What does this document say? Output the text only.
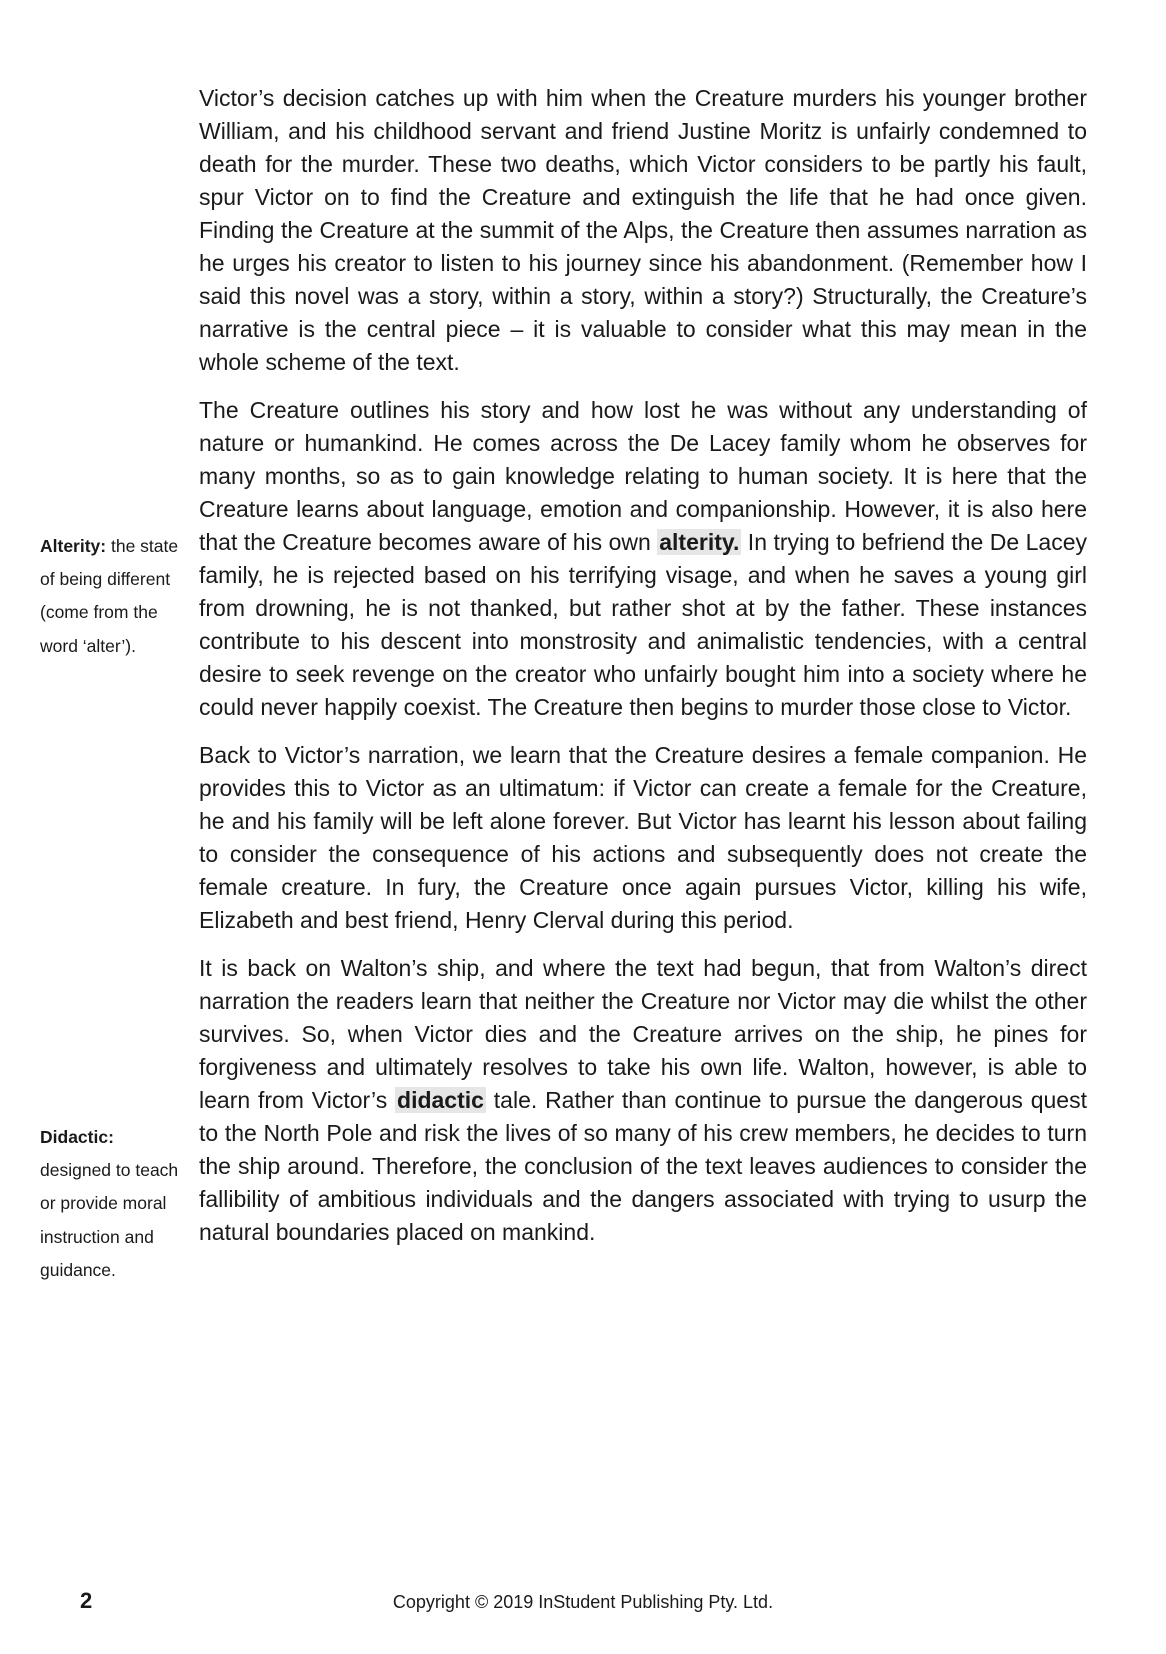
Victor’s decision catches up with him when the Creature murders his younger brother William, and his childhood servant and friend Justine Moritz is unfairly condemned to death for the murder. These two deaths, which Victor considers to be partly his fault, spur Victor on to find the Creature and extinguish the life that he had once given. Finding the Creature at the summit of the Alps, the Creature then assumes narration as he urges his creator to listen to his journey since his abandonment. (Remember how I said this novel was a story, within a story, within a story?) Structurally, the Creature’s narrative is the central piece – it is valuable to consider what this may mean in the whole scheme of the text.

The Creature outlines his story and how lost he was without any understanding of nature or humankind. He comes across the De Lacey family whom he observes for many months, so as to gain knowledge relating to human society. It is here that the Creature learns about language, emotion and companionship. However, it is also here that the Creature becomes aware of his own alterity. In trying to befriend the De Lacey family, he is rejected based on his terrifying visage, and when he saves a young girl from drowning, he is not thanked, but rather shot at by the father. These instances contribute to his descent into monstrosity and animalistic tendencies, with a central desire to seek revenge on the creator who unfairly bought him into a society where he could never happily coexist. The Creature then begins to murder those close to Victor.

Back to Victor’s narration, we learn that the Creature desires a female companion. He provides this to Victor as an ultimatum: if Victor can create a female for the Creature, he and his family will be left alone forever. But Victor has learnt his lesson about failing to consider the consequence of his actions and subsequently does not create the female creature. In fury, the Creature once again pursues Victor, killing his wife, Elizabeth and best friend, Henry Clerval during this period.

It is back on Walton’s ship, and where the text had begun, that from Walton’s direct narration the readers learn that neither the Creature nor Victor may die whilst the other survives. So, when Victor dies and the Creature arrives on the ship, he pines for forgiveness and ultimately resolves to take his own life. Walton, however, is able to learn from Victor’s didactic tale. Rather than continue to pursue the dangerous quest to the North Pole and risk the lives of so many of his crew members, he decides to turn the ship around. Therefore, the conclusion of the text leaves audiences to consider the fallibility of ambitious individuals and the dangers associated with trying to usurp the natural boundaries placed on mankind.

Alterity: the state of being different (come from the word ‘alter’).
Didactic: designed to teach or provide moral instruction and guidance.
2	Copyright © 2019 InStudent Publishing Pty. Ltd.
